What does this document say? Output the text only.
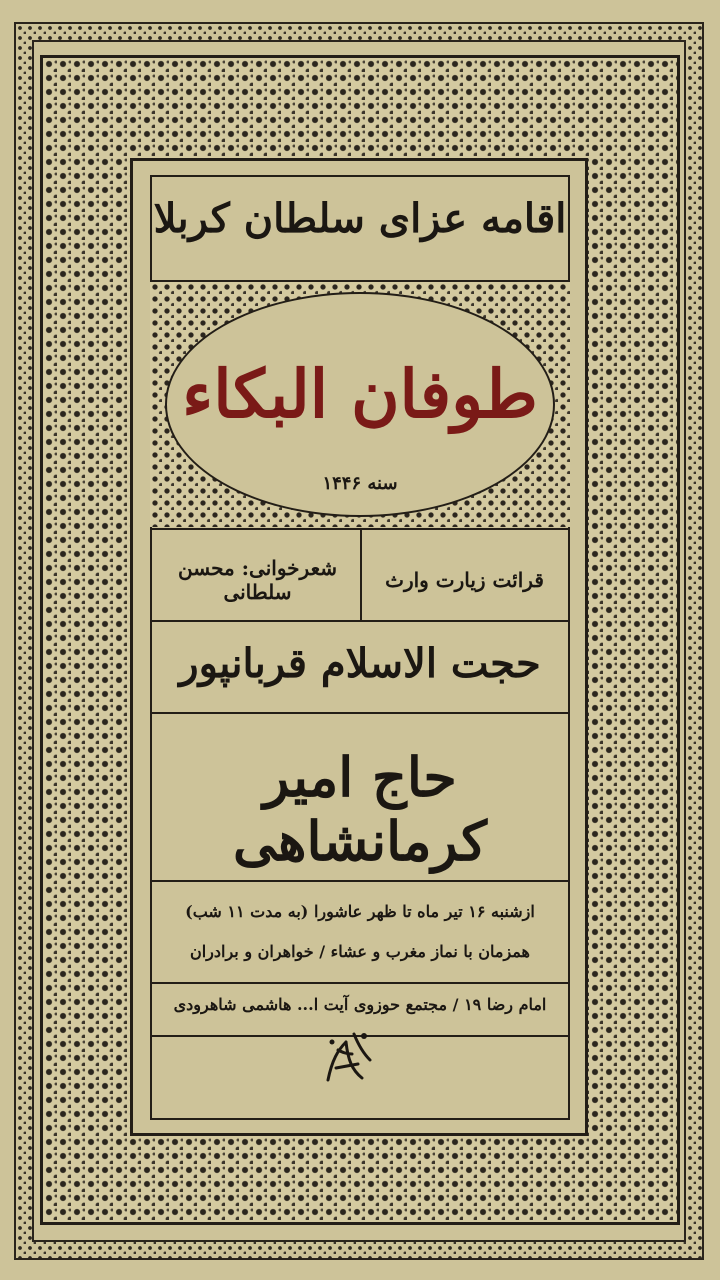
اقامه عزای سلطان کربلا
طوفان البکاء
سنه ۱۴۴۶
قرائت زیارت وارث
شعرخوانی: محسن سلطانی
حجت الاسلام قربانپور
حاج امیر کرمانشاهی
ازشنبه ۱۶ تیر ماه تا ظهر عاشورا (به مدت ۱۱ شب)
همزمان با نماز مغرب و عشاء / خواهران و برادران
امام رضا ۱۹ / مجتمع حوزوی آیت ا... هاشمی شاهرودی
